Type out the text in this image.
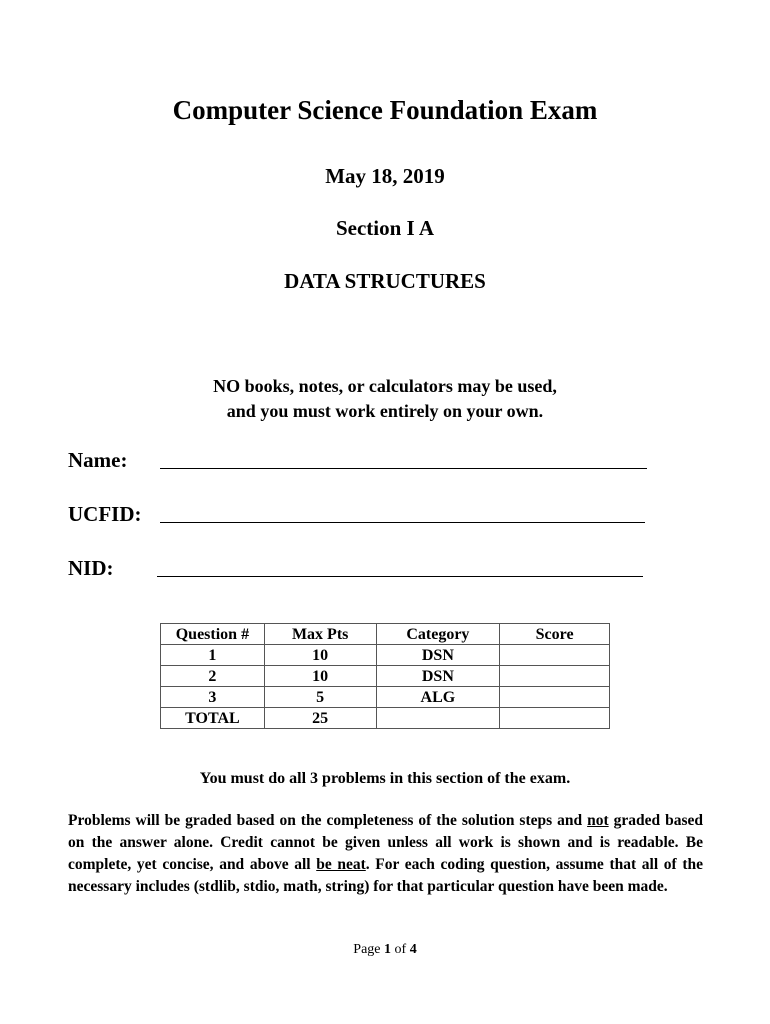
Computer Science Foundation Exam
May 18, 2019
Section I A
DATA STRUCTURES
NO books, notes, or calculators may be used,
and you must work entirely on your own.
Name:
UCFID:
NID:
Question #	Max Pts	Category	Score
1	10	DSN	
2	10	DSN	
3	5	ALG	
TOTAL	25		
You must do all 3 problems in this section of the exam.
Problems will be graded based on the completeness of the solution steps and not graded based on the answer alone. Credit cannot be given unless all work is shown and is readable. Be complete, yet concise, and above all be neat. For each coding question, assume that all of the necessary includes (stdlib, stdio, math, string) for that particular question have been made.
Page 1 of 4
